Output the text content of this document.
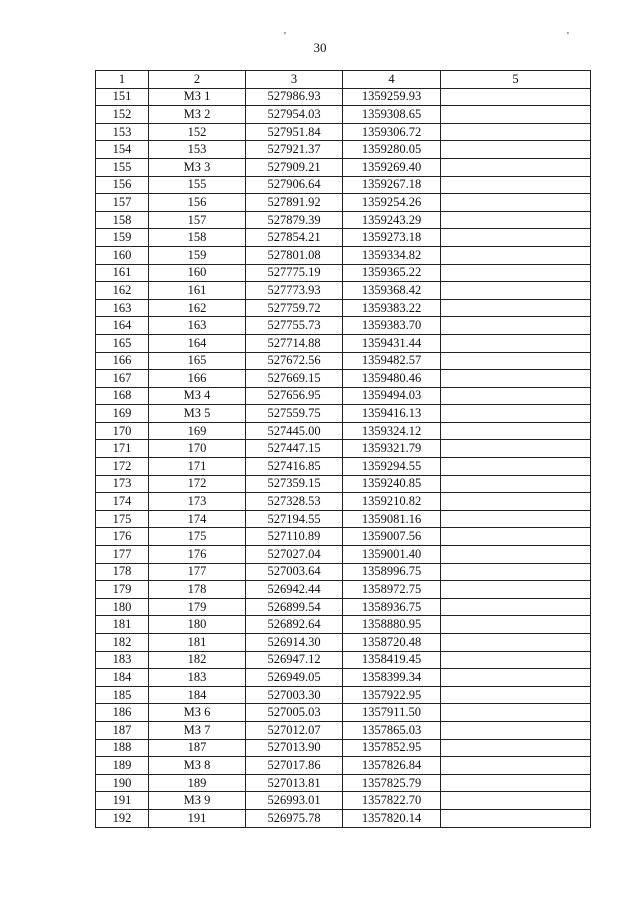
’	’
30
1	2	3	4	5
151	МЗ 1	527986.93	1359259.93	
152	МЗ 2	527954.03	1359308.65	
153	152	527951.84	1359306.72	
154	153	527921.37	1359280.05	
155	МЗ 3	527909.21	1359269.40	
156	155	527906.64	1359267.18	
157	156	527891.92	1359254.26	
158	157	527879.39	1359243.29	
159	158	527854.21	1359273.18	
160	159	527801.08	1359334.82	
161	160	527775.19	1359365.22	
162	161	527773.93	1359368.42	
163	162	527759.72	1359383.22	
164	163	527755.73	1359383.70	
165	164	527714.88	1359431.44	
166	165	527672.56	1359482.57	
167	166	527669.15	1359480.46	
168	МЗ 4	527656.95	1359494.03	
169	МЗ 5	527559.75	1359416.13	
170	169	527445.00	1359324.12	
171	170	527447.15	1359321.79	
172	171	527416.85	1359294.55	
173	172	527359.15	1359240.85	
174	173	527328.53	1359210.82	
175	174	527194.55	1359081.16	
176	175	527110.89	1359007.56	
177	176	527027.04	1359001.40	
178	177	527003.64	1358996.75	
179	178	526942.44	1358972.75	
180	179	526899.54	1358936.75	
181	180	526892.64	1358880.95	
182	181	526914.30	1358720.48	
183	182	526947.12	1358419.45	
184	183	526949.05	1358399.34	
185	184	527003.30	1357922.95	
186	МЗ 6	527005.03	1357911.50	
187	МЗ 7	527012.07	1357865.03	
188	187	527013.90	1357852.95	
189	МЗ 8	527017.86	1357826.84	
190	189	527013.81	1357825.79	
191	МЗ 9	526993.01	1357822.70	
192	191	526975.78	1357820.14	
